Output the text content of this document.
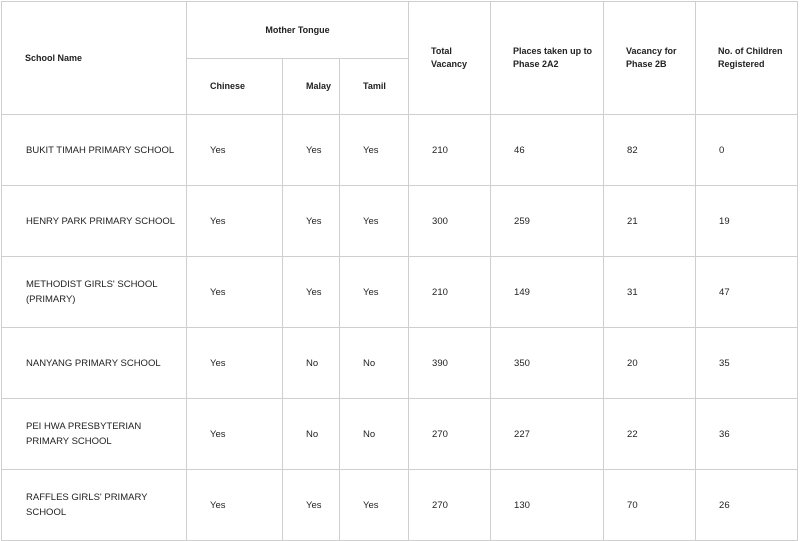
School Name	Mother Tongue			Total Vacancy	Places taken up to Phase 2A2	Vacancy for Phase 2B	No. of Children Registered
	Chinese	Malay	Tamil				
BUKIT TIMAH PRIMARY SCHOOL	Yes	Yes	Yes	210	46	82	0
HENRY PARK PRIMARY SCHOOL	Yes	Yes	Yes	300	259	21	19
METHODIST GIRLS' SCHOOL (PRIMARY)	Yes	Yes	Yes	210	149	31	47
NANYANG PRIMARY SCHOOL	Yes	No	No	390	350	20	35
PEI HWA PRESBYTERIAN PRIMARY SCHOOL	Yes	No	No	270	227	22	36
RAFFLES GIRLS' PRIMARY SCHOOL	Yes	Yes	Yes	270	130	70	26
